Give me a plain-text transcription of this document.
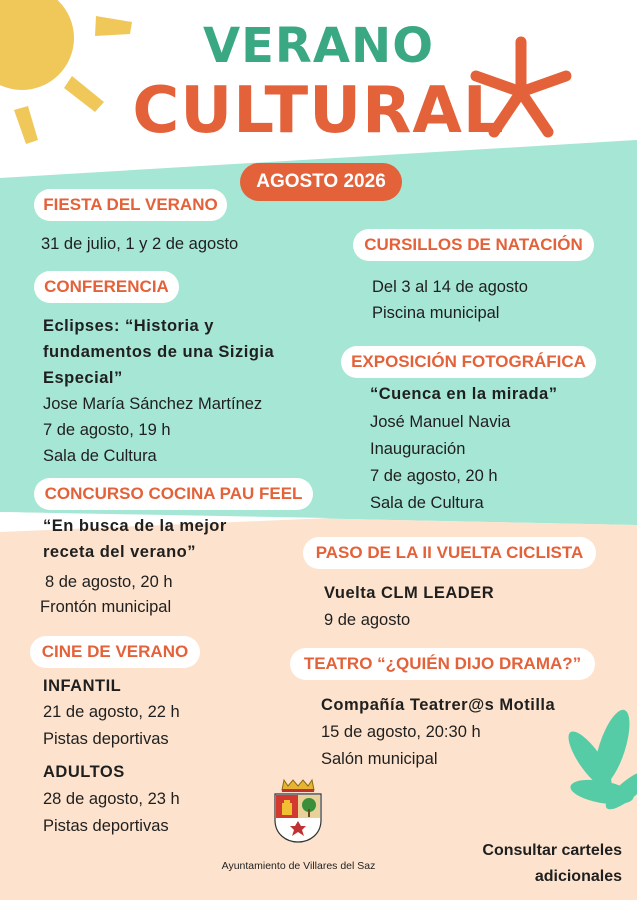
VERANO
CULTURAL
AGOSTO 2026
FIESTA DEL VERANO

31 de julio, 1 y 2 de agosto

CONFERENCIA

Eclipses: “Historia y

fundamentos de una Sizigia

Especial”

Jose María Sánchez Martínez

7 de agosto, 19 h

Sala de Cultura

CONCURSO COCINA PAU FEEL

“En busca de la mejor

receta del verano”

8 de agosto, 20 h

Frontón municipal

CINE DE VERANO

INFANTIL

21 de agosto, 22 h

Pistas deportivas

ADULTOS

28 de agosto, 23 h

Pistas deportivas

CURSILLOS DE NATACIÓN

Del 3 al 14 de agosto

Piscina municipal

EXPOSICIÓN FOTOGRÁFICA

“Cuenca en la mirada”

José Manuel Navia

Inauguración

7 de agosto, 20 h

Sala de Cultura

PASO DE LA II VUELTA CICLISTA

Vuelta CLM LEADER

9 de agosto

TEATRO “¿QUIÉN DIJO DRAMA?”

Compañía Teatrer@s Motilla

15 de agosto, 20:30 h

Salón municipal

Ayuntamiento de Villares del Saz
Consultar carteles
adicionales
